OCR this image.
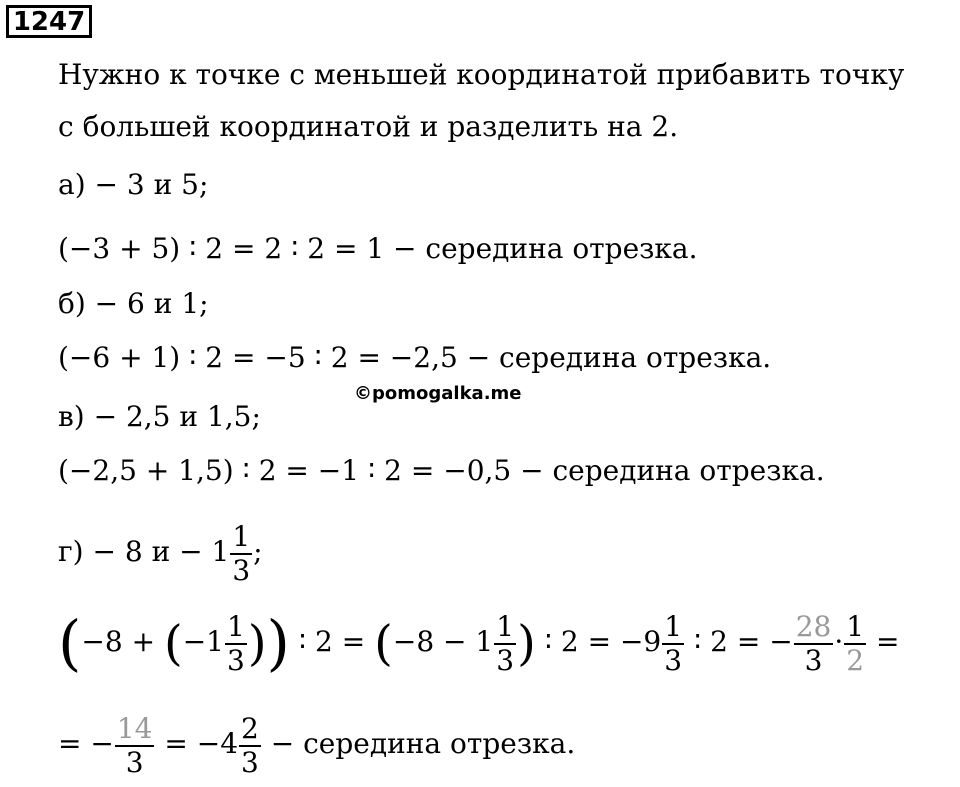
1247
Нужно к точке с меньшей координатой прибавить точку
с большей координатой и разделить на 2.
а) − 3 и 5;
(−3 + 5) ∶ 2 = 2 ∶ 2 = 1 − середина отрезка.
б) − 6 и 1;
(−6 + 1) ∶ 2 = −5 ∶ 2 = −2,5 − середина отрезка.
©pomogalka.me
в) − 2,5 и 1,5;
(−2,5 + 1,5) ∶ 2 = −1 ∶ 2 = −0,5 − середина отрезка.
г) − 8 $и - 1 \frac{1}{3}$ ;
($-8 + (-1 \frac{1}{3}$ )) ∶ $2 = (-8 - 1 \frac{1}{3}$ ) ∶ $2 = -9 \frac{1}{3}$ ∶ 2 = − $\frac{28}{3} \cdot \frac{1}{2}$ =
= − $\frac{14}{3} = -4 \frac{2}{3}$ − середина отрезка.
